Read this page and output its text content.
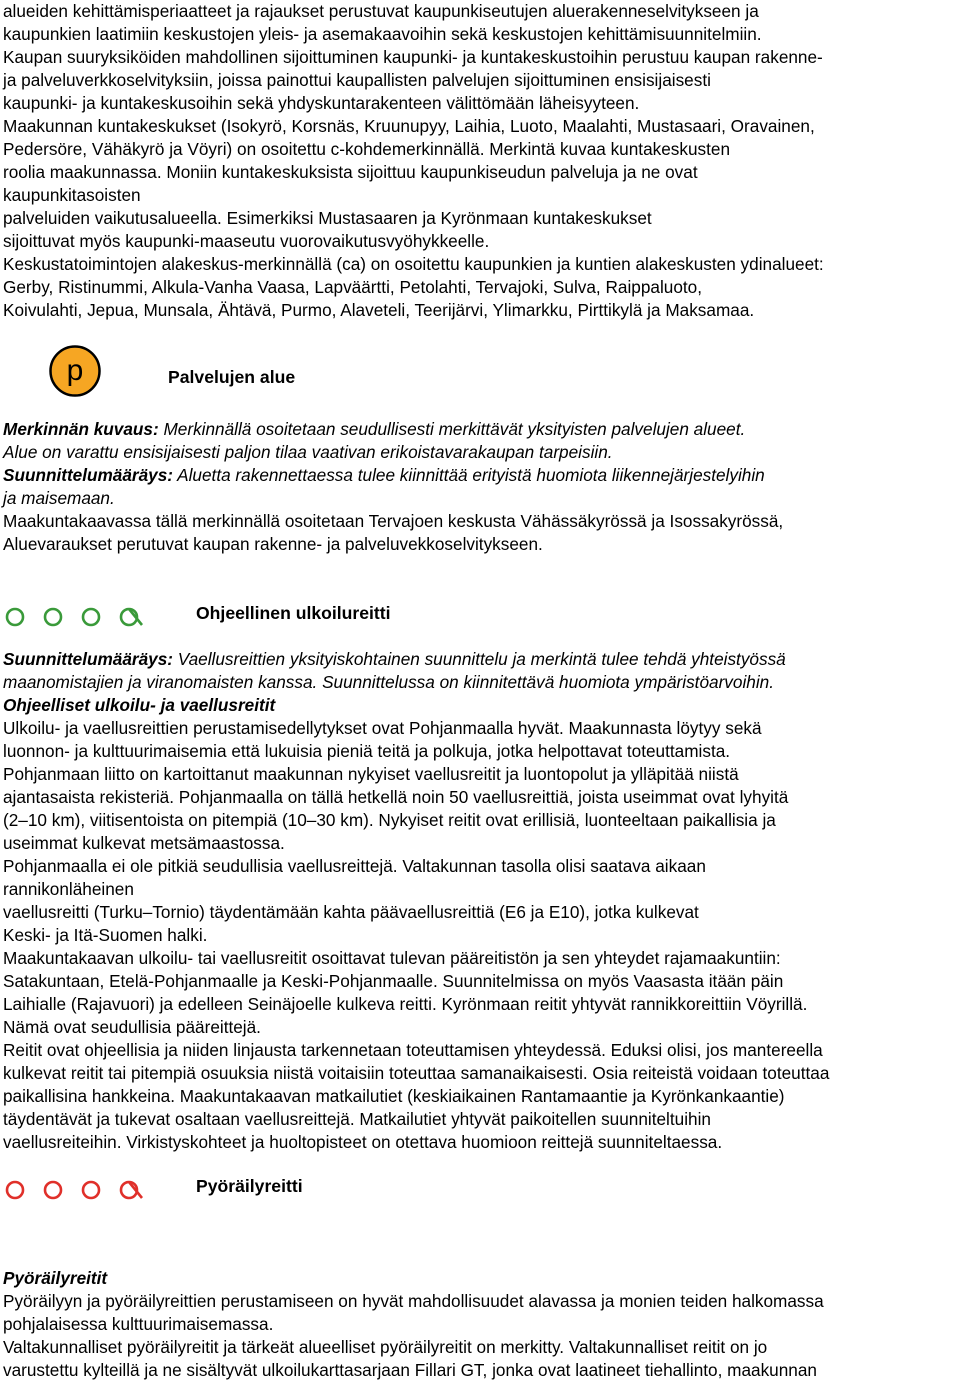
alueiden kehittämisperiaatteet ja rajaukset perustuvat kaupunkiseutujen aluerakenneselvitykseen ja
kaupunkien laatimiin keskustojen yleis- ja asemakaavoihin sekä keskustojen kehittämisuunnitelmiin.
Kaupan suuryksiköiden mahdollinen sijoittuminen kaupunki- ja kuntakeskustoihin perustuu kaupan rakenne-
ja palveluverkkoselvityksiin, joissa painottui kaupallisten palvelujen sijoittuminen ensisijaisesti
kaupunki- ja kuntakeskusoihin sekä yhdyskuntarakenteen välittömään läheisyyteen.
Maakunnan kuntakeskukset (Isokyrö, Korsnäs, Kruunupyy, Laihia, Luoto, Maalahti, Mustasaari, Oravainen,
Pedersöre, Vähäkyrö ja Vöyri) on osoitettu c-kohdemerkinnällä. Merkintä kuvaa kuntakeskusten
roolia maakunnassa. Moniin kuntakeskuksista sijoittuu kaupunkiseudun palveluja ja ne ovat
kaupunkitasoisten
palveluiden vaikutusalueella. Esimerkiksi Mustasaaren ja Kyrönmaan kuntakeskukset
sijoittuvat myös kaupunki-maaseutu vuorovaikutusvyöhykkeelle.
Keskustatoimintojen alakeskus-merkinnällä (ca) on osoitettu kaupunkien ja kuntien alakeskusten ydinalueet:
Gerby, Ristinummi, Alkula-Vanha Vaasa, Lapväärtti, Petolahti, Tervajoki, Sulva, Raippaluoto,
Koivulahti, Jepua, Munsala, Ähtävä, Purmo, Alaveteli, Teerijärvi, Ylimarkku, Pirttikylä ja Maksamaa.
p	Palvelujen alue
Merkinnän kuvaus: Merkinnällä osoitetaan seudullisesti merkittävät yksityisten palvelujen alueet.
Alue on varattu ensisijaisesti paljon tilaa vaativan erikoistavarakaupan tarpeisiin.
Suunnittelumääräys: Aluetta rakennettaessa tulee kiinnittää erityistä huomiota liikennejärjestelyihin
ja maisemaan.
Maakuntakaavassa tällä merkinnällä osoitetaan Tervajoen keskusta Vähässäkyrössä ja Isossakyrössä,
Aluevaraukset perutuvat kaupan rakenne- ja palveluvekkoselvitykseen.
Ohjeellinen ulkoilureitti
Suunnittelumääräys: Vaellusreittien yksityiskohtainen suunnittelu ja merkintä tulee tehdä yhteistyössä
maanomistajien ja viranomaisten kanssa. Suunnittelussa on kiinnitettävä huomiota ympäristöarvoihin.
Ohjeelliset ulkoilu- ja vaellusreitit
Ulkoilu- ja vaellusreittien perustamisedellytykset ovat Pohjanmaalla hyvät. Maakunnasta löytyy sekä
luonnon- ja kulttuurimaisemia että lukuisia pieniä teitä ja polkuja, jotka helpottavat toteuttamista.
Pohjanmaan liitto on kartoittanut maakunnan nykyiset vaellusreitit ja luontopolut ja ylläpitää niistä
ajantasaista rekisteriä. Pohjanmaalla on tällä hetkellä noin 50 vaellusreittiä, joista useimmat ovat lyhyitä
(2–10 km), viitisentoista on pitempiä (10–30 km). Nykyiset reitit ovat erillisiä, luonteeltaan paikallisia ja
useimmat kulkevat metsämaastossa.
Pohjanmaalla ei ole pitkiä seudullisia vaellusreittejä. Valtakunnan tasolla olisi saatava aikaan
rannikonläheinen
vaellusreitti (Turku–Tornio) täydentämään kahta päävaellusreittiä (E6 ja E10), jotka kulkevat
Keski- ja Itä-Suomen halki.
Maakuntakaavan ulkoilu- tai vaellusreitit osoittavat tulevan pääreitistön ja sen yhteydet rajamaakuntiin:
Satakuntaan, Etelä-Pohjanmaalle ja Keski-Pohjanmaalle. Suunnitelmissa on myös Vaasasta itään päin
Laihialle (Rajavuori) ja edelleen Seinäjoelle kulkeva reitti. Kyrönmaan reitit yhtyvät rannikkoreittiin Vöyrillä.
Nämä ovat seudullisia pääreittejä.
Reitit ovat ohjeellisia ja niiden linjausta tarkennetaan toteuttamisen yhteydessä. Eduksi olisi, jos mantereella
kulkevat reitit tai pitempiä osuuksia niistä voitaisiin toteuttaa samanaikaisesti. Osia reiteistä voidaan toteuttaa
paikallisina hankkeina. Maakuntakaavan matkailutiet (keskiaikainen Rantamaantie ja Kyrönkankaantie)
täydentävät ja tukevat osaltaan vaellusreittejä. Matkailutiet yhtyvät paikoitellen suunniteltuihin
vaellusreiteihin. Virkistyskohteet ja huoltopisteet on otettava huomioon reittejä suunniteltaessa.
Pyöräilyreitti
Pyöräilyreitit
Pyöräilyyn ja pyöräilyreittien perustamiseen on hyvät mahdollisuudet alavassa ja monien teiden halkomassa
pohjalaisessa kulttuurimaisemassa.
Valtakunnalliset pyöräilyreitit ja tärkeät alueelliset pyöräilyreitit on merkitty. Valtakunnalliset reitit on jo
varustettu kylteillä ja ne sisältyvät ulkoilukarttasarjaan Fillari GT, jonka ovat laatineet tiehallinto, maakunnan
